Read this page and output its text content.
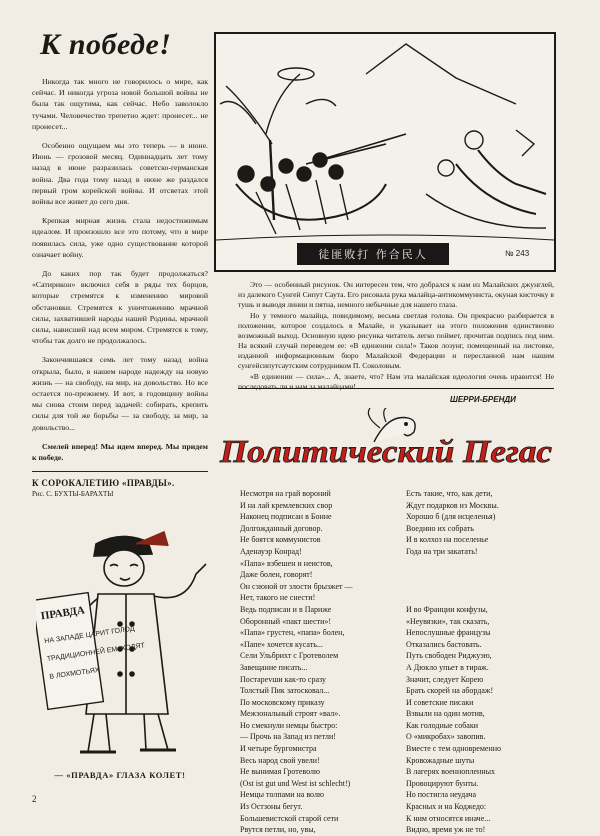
К победе!

Никогда так много не говорилось о мире, как сейчас. И никогда угроза новой большой войны не была так ощутима, как сейчас. Небо заволокло тучами. Человечество трепетно ждет: пронесет... не пронесет...

Особенно ощущаем мы это теперь — в июне. Июнь — грозовой месяц. Одиннадцать лет тому назад в июне разразилась советско-германская война. Два года тому назад в июне же раздался первый гром корейской войны. И отсветах этой войны все живет до сего дня.

Крепкая мирная жизнь стала недостижимым идеалом. И произошло все это потому, что в мире появилась сила, уже одно существование которой означает войну.

До каких пор так будет продолжаться? «Сатирикон» включил себя в ряды тех борцов, которые стремятся к изменению мировой обстановки. Стремятся к уничтожению мрачной силы, захватившей народы нашей Родины, мрачной силы, нависшей над всем миром. Стремятся к тому, чтобы так долго не продолжалось.

Закончившаяся семь лет тому назад война открыла, было, в нашем народе надежду на новую жизнь — на свободу, на мир, на довольство. Но все остается по-прежнему. И вот, в годовщину войны мы снова стоим перед задачей: собирать, крепить силы для той же борьбы — за свободу, за мир, за довольство...

Смелей вперед! Мы идем вперед. Мы придем к победе.

К СОРОКАЛЕТИЮ «ПРАВДЫ».

Рис. С. БУХТЫ-БАРАХТЫ

ПРАВДА
НА ЗАПАДЕ ЦАРИТ ГОЛОД
ТРАДИЦИОННЕЙ ЕМ. ХОДЯТ
В ЛОХМОТЬЯХ
— «ПРАВДА» ГЛАЗА КОЛЕТ!
徒匪败打 作合民人	№ 243

Это — особенный рисунок. Он интересен тем, что добрался к нам из Малайских джунглей, из далекого Сунгей Сипут Саута. Его рисовала рука малайца-антикоммуниста, окуная кисточку в тушь и выводя линии и пятна, немного небычные для нашего глаза.

Но у темного малайца, повидимому, весьма светлая голова. Он прекрасно разбирается в положении, которое создалось в Малайе, и указывает на этого положения единственно возможный выход. Основную идею рисунка читатель легко поймет, прочитав подпись под ним. На всякий случай переведем ее: «В единении сила!» Таков лозунг, помещенный на листовке, изданной информационным бюро Малайской Федерации и пересланной нам нашим сунгейсипутсаутским сотрудником П. Соколовым.

«В единении — сила»... А, знаете, что? Нам эта малайская идеология очень нравится! Не последовать ли и нам за малайцами!..

ШЕРРИ-БРЕНДИ
Политический Пегас
Несмотря на грай вороний
И на лай кремлевских свор
Наконец подписан в Бонне
Долгожданный договор.
Не боятся коммунистов
Аденауэр Конрад!
«Папа» взбешен и неистов,
Даже болен, говорят!
Он сзюной от злости брызжет —
Нет, такого не снести!
Ведь подписан и в Париже
Оборонный «пакт шести»!
«Папа» грустен, «папа» болен,
«Папе» хочется кусать...
Сели Ульбрихт с Гротеволем
Завещание писать...
Постарevши как-то сразу
Толстый Пик затосковал...
По московскому приказу
Межзональный строят «вал».
Но смекнули немцы быстро:
— Прочь на Запад из петли!
И четыре бургомистра
Весь народ свой увели!
Не вынимая Гротеволю
(Ost ist gut und West ist schlecht!)
Немцы толпами на волю
Из Остзоны бегут.
Большевистской старой сети
Рвутся петли, но, увы,
Есть такие, что, как дети,
Ждут подарков из Москвы.
Хорошо б (для исцеленья)
Воедино их собрать
И в колхоз на поселенье
Года на три закатать!
И во Франции конфузы,
«Неувязки», так сказать,
Непослушные французы
Отказались бастовать.
Путь свободен Риджуэю,
А Дюкло упьет в тираж.
Значит, следует Корею
Брать скорей на абордаж!
И советские писаки
Взвыли на один мотив,
Как голодные собаки
О «микробах» завопив.
Вместе с тем одновременно
Кровожадные шуты
В лагерях военнопленных
Провоцируют бунты.
Но постигла неудача
Красных и на Коджедо:
К ним относятся иначе...
Видно, время уж не то!
2
